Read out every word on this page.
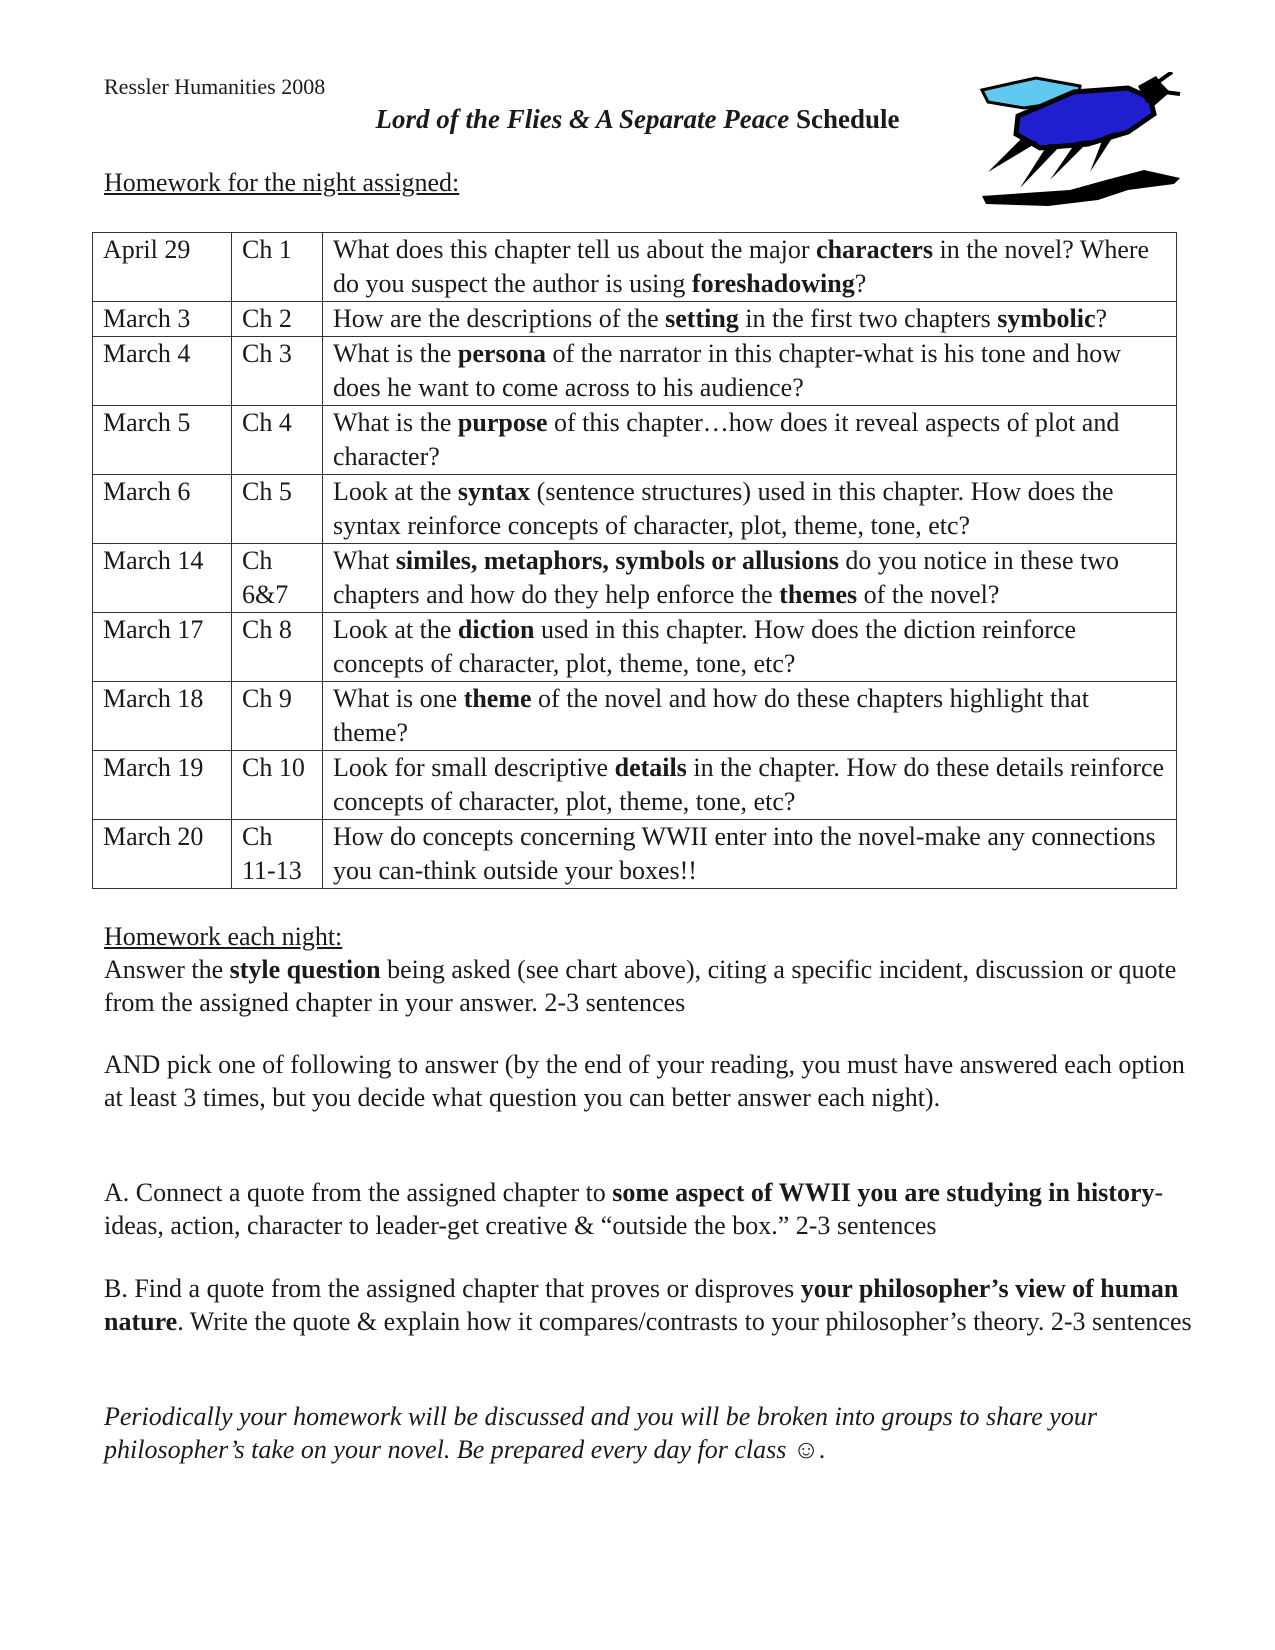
Ressler Humanities 2008
Lord of the Flies & A Separate Peace Schedule
Homework for the night assigned:
April 29	Ch 1	What does this chapter tell us about the major characters in the novel? Where do you suspect the author is using foreshadowing?
March 3	Ch 2	How are the descriptions of the setting in the first two chapters symbolic?
March 4	Ch 3	What is the persona of the narrator in this chapter-what is his tone and how does he want to come across to his audience?
March 5	Ch 4	What is the purpose of this chapter…how does it reveal aspects of plot and character?
March 6	Ch 5	Look at the syntax (sentence structures) used in this chapter. How does the syntax reinforce concepts of character, plot, theme, tone, etc?
March 14	Ch 6&7	What similes, metaphors, symbols or allusions do you notice in these two chapters and how do they help enforce the themes of the novel?
March 17	Ch 8	Look at the diction used in this chapter. How does the diction reinforce concepts of character, plot, theme, tone, etc?
March 18	Ch 9	What is one theme of the novel and how do these chapters highlight that theme?
March 19	Ch 10	Look for small descriptive details in the chapter. How do these details reinforce concepts of character, plot, theme, tone, etc?
March 20	Ch 11-13	How do concepts concerning WWII enter into the novel-make any connections you can-think outside your boxes!!
Homework each night:
Answer the style question being asked (see chart above), citing a specific incident, discussion or quote from the assigned chapter in your answer. 2-3 sentences
AND pick one of following to answer (by the end of your reading, you must have answered each option at least 3 times, but you decide what question you can better answer each night).
A. Connect a quote from the assigned chapter to some aspect of WWII you are studying in history-ideas, action, character to leader-get creative & “outside the box.” 2-3 sentences
B. Find a quote from the assigned chapter that proves or disproves your philosopher’s view of human nature. Write the quote & explain how it compares/contrasts to your philosopher’s theory. 2-3 sentences
Periodically your homework will be discussed and you will be broken into groups to share your philosopher’s take on your novel. Be prepared every day for class ☺.
